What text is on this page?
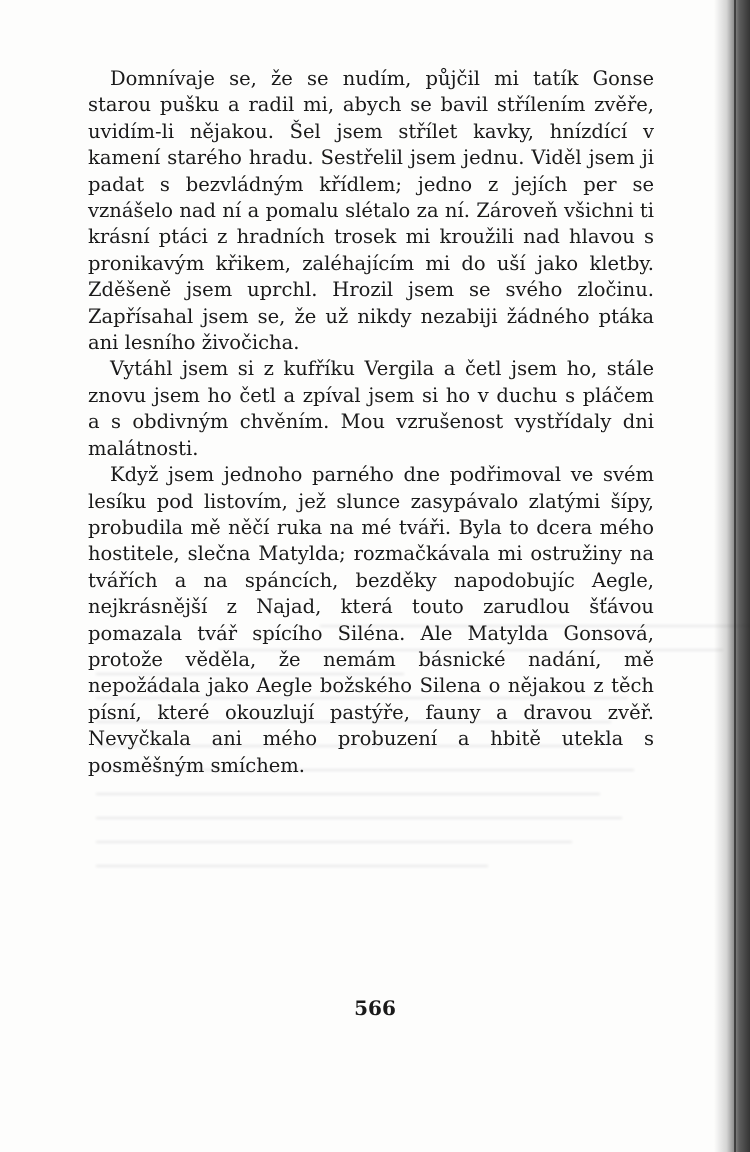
Domnívaje se, že se nudím, půjčil mi tatík Gonse starou pušku a radil mi, abych se bavil střílením zvěře, uvidím-li nějakou. Šel jsem střílet kavky, hnízdící v kamení starého hradu. Sestřelil jsem jednu. Viděl jsem ji padat s bezvládným křídlem; jedno z jejích per se vznášelo nad ní a pomalu slétalo za ní. Zároveň všichni ti krásní ptáci z hradních trosek mi kroužili nad hlavou s pronikavým křikem, zaléhajícím mi do uší jako kletby. Zděšeně jsem uprchl. Hrozil jsem se svého zločinu. Zapřísahal jsem se, že už nikdy nezabiji žádného ptáka ani lesního živočicha.

Vytáhl jsem si z kufříku Vergila a četl jsem ho, stále znovu jsem ho četl a zpíval jsem si ho v duchu s pláčem a s obdivným chvěním. Mou vzrušenost vystřídaly dni malátnosti.

Když jsem jednoho parného dne podřimoval ve svém lesíku pod listovím, jež slunce zasypávalo zlatými šípy, probudila mě něčí ruka na mé tváři. Byla to dcera mého hostitele, slečna Matylda; rozmačkávala mi ostružiny na tvářích a na spáncích, bezděky napodobujíc Aegle, nejkrásnější z Najad, která touto zarudlou šťávou pomazala tvář spícího Siléna. Ale Matylda Gonsová, protože věděla, že nemám básnické nadání, mě nepožádala jako Aegle božského Silena o nějakou z těch písní, které okouzlují pastýře, fauny a dravou zvěř. Nevyčkala ani mého probuzení a hbitě utekla s posměšným smíchem.

566
